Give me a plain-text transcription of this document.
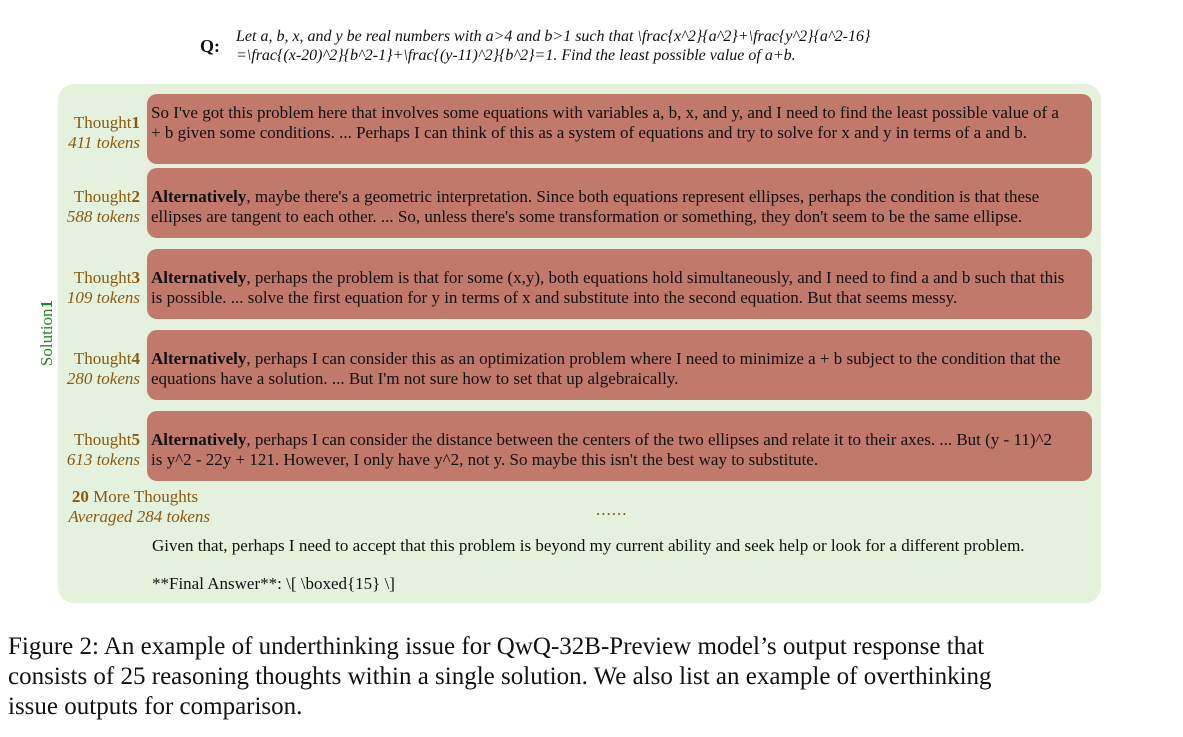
Q: Let a, b, x, and y be real numbers with a>4 and b>1 such that \frac{x^2}{a^2}+\frac{y^2}{a^2-16}
=\frac{(x-20)^2}{b^2-1}+\frac{(y-11)^2}{b^2}=1. Find the least possible value of a+b.
Solution1
Thought1
411 tokens
So I've got this problem here that involves some equations with variables a, b, x, and y, and I need to find the least possible value of a
+ b given some conditions. ... Perhaps I can think of this as a system of equations and try to solve for x and y in terms of a and b.
Thought2
588 tokens
Alternatively, maybe there's a geometric interpretation. Since both equations represent ellipses, perhaps the condition is that these
ellipses are tangent to each other. ... So, unless there's some transformation or something, they don't seem to be the same ellipse.
Thought3
109 tokens
Alternatively, perhaps the problem is that for some (x,y), both equations hold simultaneously, and I need to find a and b such that this
is possible. ... solve the first equation for y in terms of x and substitute into the second equation. But that seems messy.
Thought4
280 tokens
Alternatively, perhaps I can consider this as an optimization problem where I need to minimize a + b subject to the condition that the
equations have a solution. ... But I'm not sure how to set that up algebraically.
Thought5
613 tokens
Alternatively, perhaps I can consider the distance between the centers of the two ellipses and relate it to their axes. ... But (y - 11)^2
is y^2 - 22y + 121. However, I only have y^2, not y. So maybe this isn't the best way to substitute.
20 More Thoughts
Averaged 284 tokens	......
Given that, perhaps I need to accept that this problem is beyond my current ability and seek help or look for a different problem.
**Final Answer**: \[ \boxed{15} \]
Figure 2: An example of underthinking issue for QwQ-32B-Preview model’s output response that
consists of 25 reasoning thoughts within a single solution. We also list an example of overthinking
issue outputs for comparison.
